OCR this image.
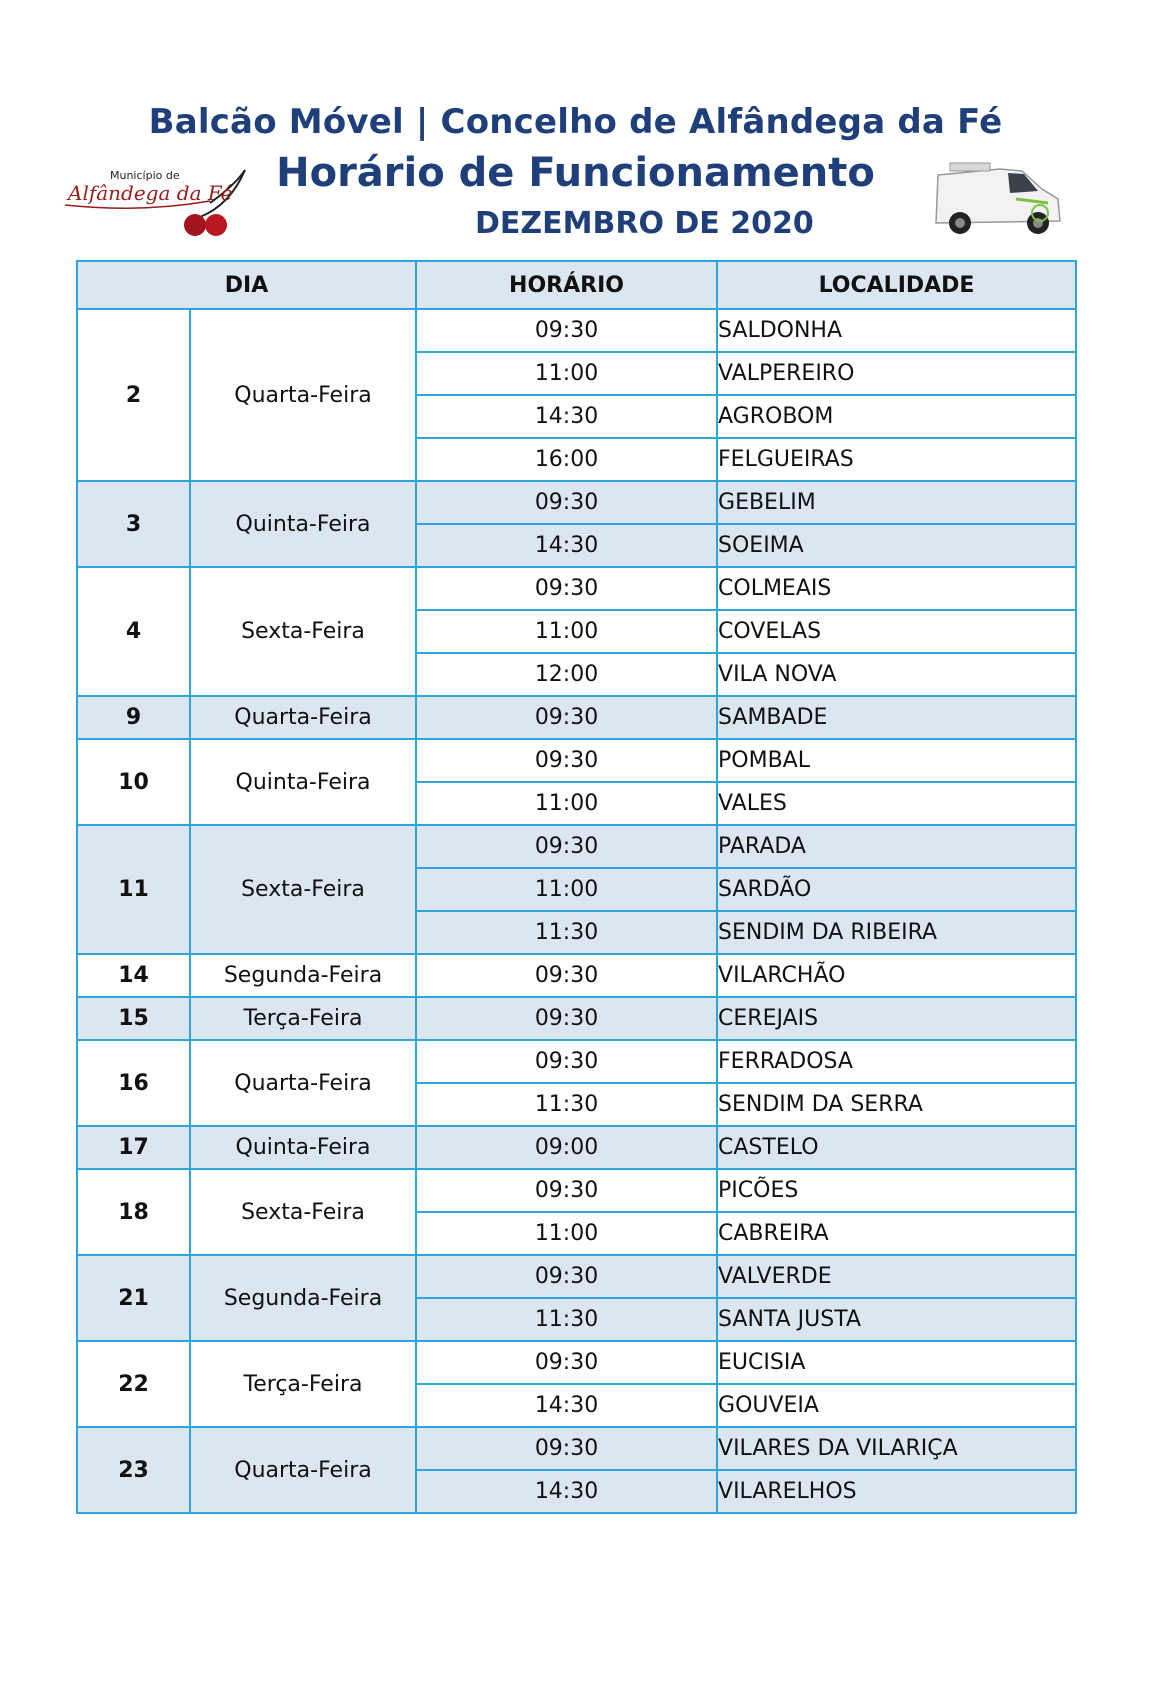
Balcão Móvel | Concelho de Alfândega da Fé
Horário de Funcionamento
DEZEMBRO DE 2020
Município de
Alfândega da Fé
DIA		HORÁRIO	LOCALIDADE
2	Quarta-Feira	09:30	SALDONHA
		11:00	VALPEREIRO
		14:30	AGROBOM
		16:00	FELGUEIRAS
3	Quinta-Feira	09:30	GEBELIM
		14:30	SOEIMA
4	Sexta-Feira	09:30	COLMEAIS
		11:00	COVELAS
		12:00	VILA NOVA
9	Quarta-Feira	09:30	SAMBADE
10	Quinta-Feira	09:30	POMBAL
		11:00	VALES
11	Sexta-Feira	09:30	PARADA
		11:00	SARDÃO
		11:30	SENDIM DA RIBEIRA
14	Segunda-Feira	09:30	VILARCHÃO
15	Terça-Feira	09:30	CEREJAIS
16	Quarta-Feira	09:30	FERRADOSA
		11:30	SENDIM DA SERRA
17	Quinta-Feira	09:00	CASTELO
18	Sexta-Feira	09:30	PICÕES
		11:00	CABREIRA
21	Segunda-Feira	09:30	VALVERDE
		11:30	SANTA JUSTA
22	Terça-Feira	09:30	EUCISIA
		14:30	GOUVEIA
23	Quarta-Feira	09:30	VILARES DA VILARIÇA
		14:30	VILARELHOS
